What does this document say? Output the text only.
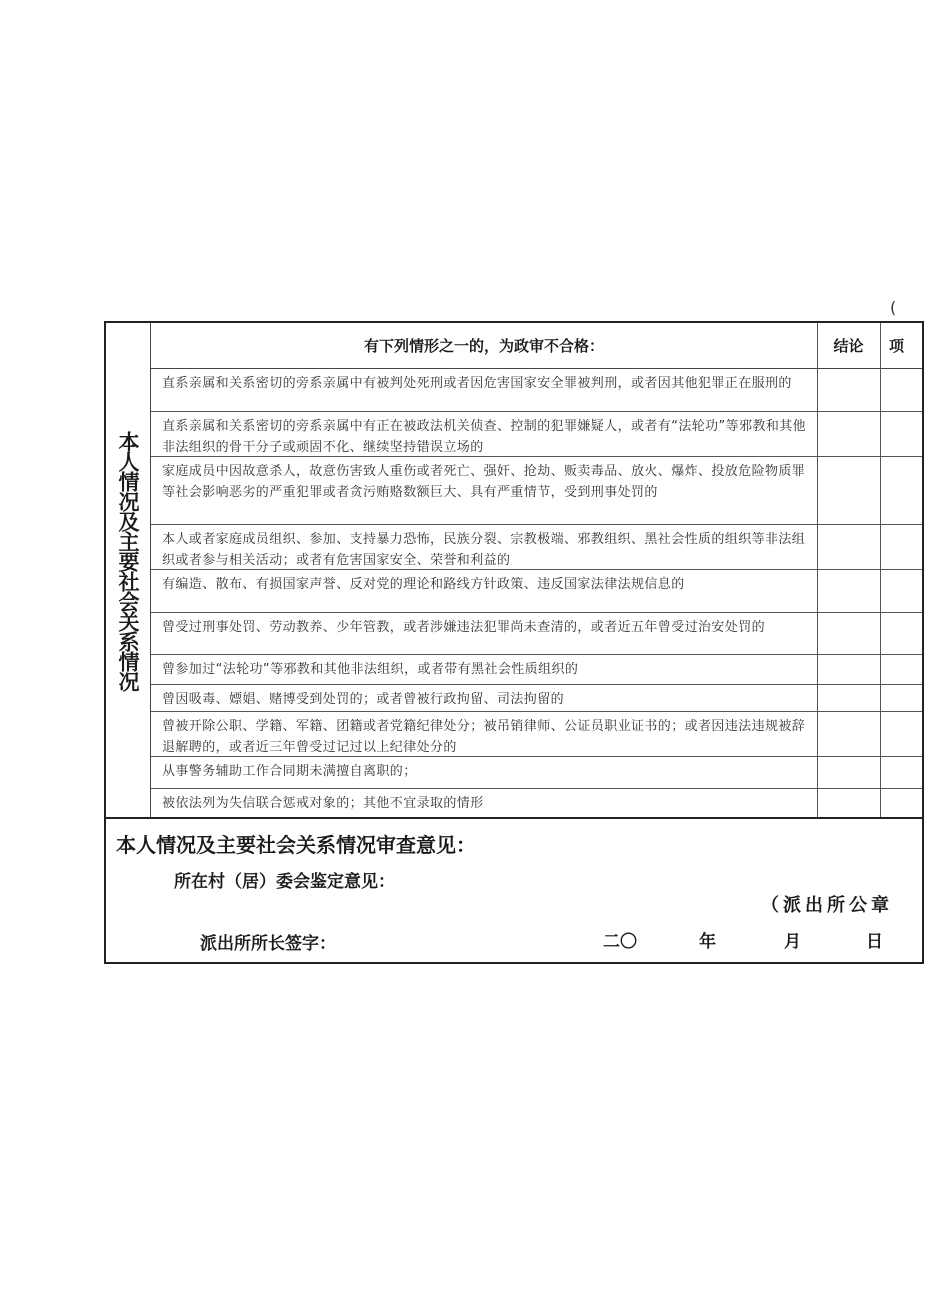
(
本人情况及主要社会关系情况
有下列情形之一的，为政审不合格：	结论	项
直系亲属和关系密切的旁系亲属中有被判处死刑或者因危害国家安全罪被判刑，或者因其他犯罪正在服刑的
直系亲属和关系密切的旁系亲属中有正在被政法机关侦查、控制的犯罪嫌疑人，或者有“法轮功”等邪教和其他非法组织的骨干分子或顽固不化、继续坚持错误立场的
家庭成员中因故意杀人，故意伤害致人重伤或者死亡、强奸、抢劫、贩卖毒品、放火、爆炸、投放危险物质罪等社会影响恶劣的严重犯罪或者贪污贿赂数额巨大、具有严重情节，受到刑事处罚的
本人或者家庭成员组织、参加、支持暴力恐怖，民族分裂、宗教极端、邪教组织、黑社会性质的组织等非法组织或者参与相关活动；或者有危害国家安全、荣誉和利益的
有编造、散布、有损国家声誉、反对党的理论和路线方针政策、违反国家法律法规信息的
曾受过刑事处罚、劳动教养、少年管教，或者涉嫌违法犯罪尚未查清的，或者近五年曾受过治安处罚的
曾参加过“法轮功”等邪教和其他非法组织，或者带有黑社会性质组织的
曾因吸毒、嫖娼、赌博受到处罚的；或者曾被行政拘留、司法拘留的
曾被开除公职、学籍、军籍、团籍或者党籍纪律处分；被吊销律师、公证员职业证书的；或者因违法违规被辞退解聘的，或者近三年曾受过记过以上纪律处分的
从事警务辅助工作合同期未满擅自离职的；
被依法列为失信联合惩戒对象的；其他不宜录取的情形
本人情况及主要社会关系情况审查意见：
所在村（居）委会鉴定意见：
（派出所公章
派出所所长签字：	二〇	年	月	日
